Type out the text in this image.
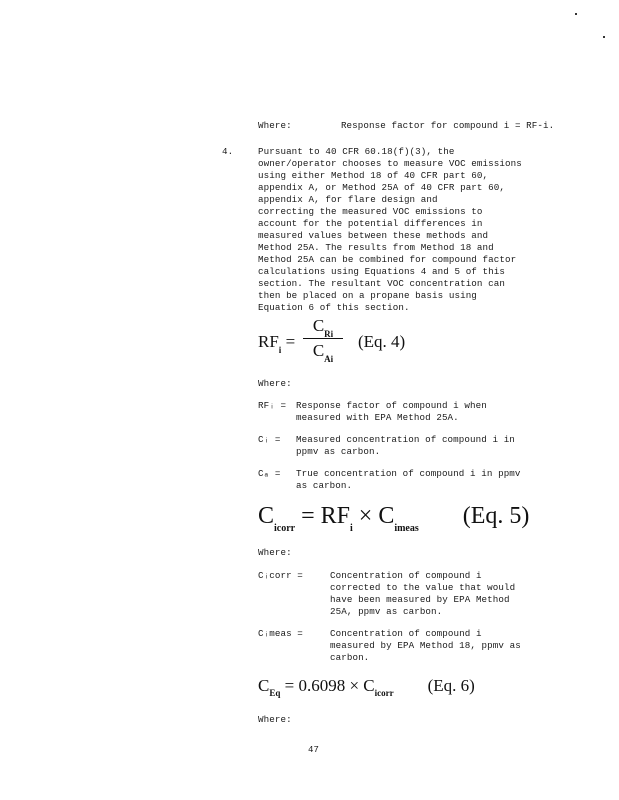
Where:	Response factor for compound i = RF-i.
4.	Pursuant to 40 CFR 60.18(f)(3), the
owner/operator chooses to measure VOC emissions
using either Method 18 of 40 CFR part 60,
appendix A, or Method 25A of 40 CFR part 60,
appendix A, for flare design and
correcting the measured VOC emissions to
account for the potential differences in
measured values between these methods and
Method 25A. The results from Method 18 and
Method 25A can be combined for compound factor
calculations using Equations 4 and 5 of this
section. The resultant VOC concentration can
then be placed on a propane basis using
Equation 6 of this section.
$RF_i$ =
$C_{Ri}$
$C_{Ai}$
(Eq. 4)
Where:
RFᵢ = Response factor of compound i when
measured with EPA Method 25A.
Cᵢ = Measured concentration of compound i in
ppmv as carbon.
Cₐ = True concentration of compound i in ppmv
as carbon.
$C_{icorr} = RF_i \times C_{imeas}$ (Eq. 5)
Where:
Cᵢcorr =	Concentration of compound i
corrected to the value that would
have been measured by EPA Method
25A, ppmv as carbon.
Cᵢmeas =	Concentration of compound i
measured by EPA Method 18, ppmv as
carbon.
$C_{Eq} = 0.6098 \times C_{icorr}$ (Eq. 6)
Where:
47
